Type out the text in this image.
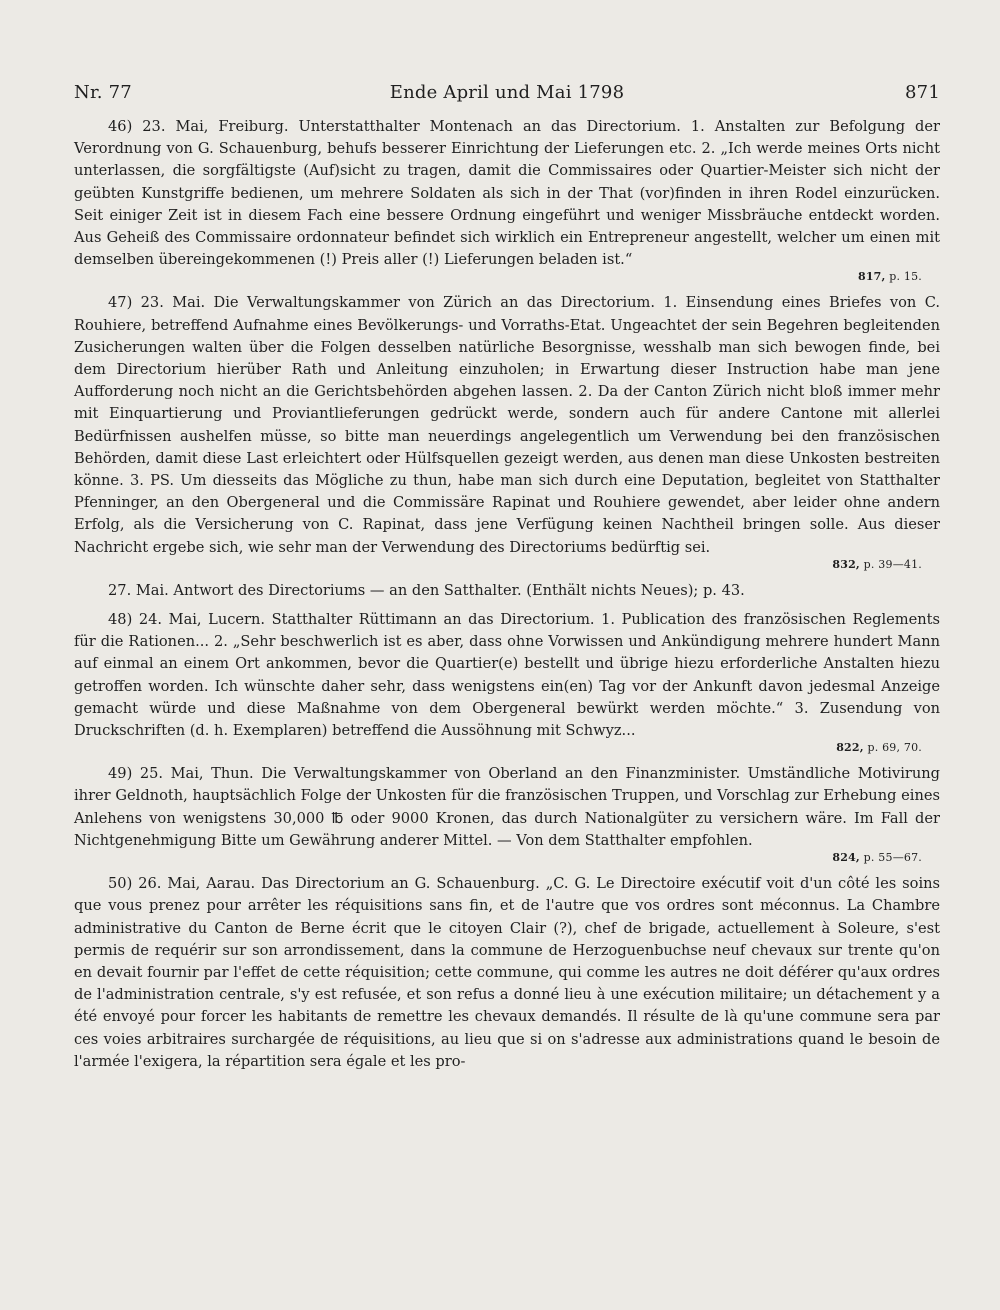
Nr. 77	Ende April und Mai 1798	871

46) 23. Mai, Freiburg. Unterstatthalter Montenach an das Directorium. 1. Anstalten zur Befolgung der Verordnung von G. Schauenburg, behufs besserer Einrichtung der Lieferungen etc. 2. „Ich werde meines Orts nicht unterlassen, die sorgfältigste (Auf)sicht zu tragen, damit die Commissaires oder Quartier-Meister sich nicht der geübten Kunstgriffe bedienen, um mehrere Soldaten als sich in der That (vor)finden in ihren Rodel einzurücken. Seit einiger Zeit ist in diesem Fach eine bessere Ordnung eingeführt und weniger Missbräuche entdeckt worden. Aus Geheiß des Commissaire ordonnateur befindet sich wirklich ein Entrepreneur angestellt, welcher um einen mit demselben übereingekommenen (!) Preis aller (!) Lieferungen beladen ist.“
817, p. 15.

47) 23. Mai. Die Verwaltungskammer von Zürich an das Directorium. 1. Einsendung eines Briefes von C. Rouhiere, betreffend Aufnahme eines Bevölkerungs- und Vorraths-Etat. Ungeachtet der sein Begehren begleitenden Zusicherungen walten über die Folgen desselben natürliche Besorgnisse, wesshalb man sich bewogen finde, bei dem Directorium hierüber Rath und Anleitung einzuholen; in Erwartung dieser Instruction habe man jene Aufforderung noch nicht an die Gerichtsbehörden abgehen lassen. 2. Da der Canton Zürich nicht bloß immer mehr mit Einquartierung und Proviantlieferungen gedrückt werde, sondern auch für andere Cantone mit allerlei Bedürfnissen aushelfen müsse, so bitte man neuerdings angelegentlich um Verwendung bei den französischen Behörden, damit diese Last erleichtert oder Hülfsquellen gezeigt werden, aus denen man diese Unkosten bestreiten könne. 3. PS. Um diesseits das Mögliche zu thun, habe man sich durch eine Deputation, begleitet von Statthalter Pfenninger, an den Obergeneral und die Commissäre Rapinat und Rouhiere gewendet, aber leider ohne andern Erfolg, als die Versicherung von C. Rapinat, dass jene Verfügung keinen Nachtheil bringen solle. Aus dieser Nachricht ergebe sich, wie sehr man der Verwendung des Directoriums bedürftig sei.
832, p. 39—41.

27. Mai. Antwort des Directoriums — an den Satthalter. (Enthält nichts Neues); p. 43.

48) 24. Mai, Lucern. Statthalter Rüttimann an das Directorium. 1. Publication des französischen Reglements für die Rationen... 2. „Sehr beschwerlich ist es aber, dass ohne Vorwissen und Ankündigung mehrere hundert Mann auf einmal an einem Ort ankommen, bevor die Quartier(e) bestellt und übrige hiezu erforderliche Anstalten hiezu getroffen worden. Ich wünschte daher sehr, dass wenigstens ein(en) Tag vor der Ankunft davon jedesmal Anzeige gemacht würde und diese Maßnahme von dem Obergeneral bewürkt werden möchte.“ 3. Zusendung von Druckschriften (d. h. Exemplaren) betreffend die Aussöhnung mit Schwyz...
822, p. 69, 70.

49) 25. Mai, Thun. Die Verwaltungskammer von Oberland an den Finanzminister. Umständliche Motivirung ihrer Geldnoth, hauptsächlich Folge der Unkosten für die französischen Truppen, und Vorschlag zur Erhebung eines Anlehens von wenigstens 30,000 ℔ oder 9000 Kronen, das durch Nationalgüter zu versichern wäre. Im Fall der Nichtgenehmigung Bitte um Gewährung anderer Mittel. — Von dem Statthalter empfohlen.
824, p. 55—67.

50) 26. Mai, Aarau. Das Directorium an G. Schauenburg. „C. G. Le Directoire exécutif voit d'un côté les soins que vous prenez pour arrêter les réquisitions sans fin, et de l'autre que vos ordres sont méconnus. La Chambre administrative du Canton de Berne écrit que le citoyen Clair (?), chef de brigade, actuellement à Soleure, s'est permis de requérir sur son arrondissement, dans la commune de Herzoguenbuchse neuf chevaux sur trente qu'on en devait fournir par l'effet de cette réquisition; cette commune, qui comme les autres ne doit déférer qu'aux ordres de l'administration centrale, s'y est refusée, et son refus a donné lieu à une exécution militaire; un détachement y a été envoyé pour forcer les habitants de remettre les chevaux demandés. Il résulte de là qu'une commune sera par ces voies arbitraires surchargée de réquisitions, au lieu que si on s'adresse aux administrations quand le besoin de l'armée l'exigera, la répartition sera égale et les pro-
